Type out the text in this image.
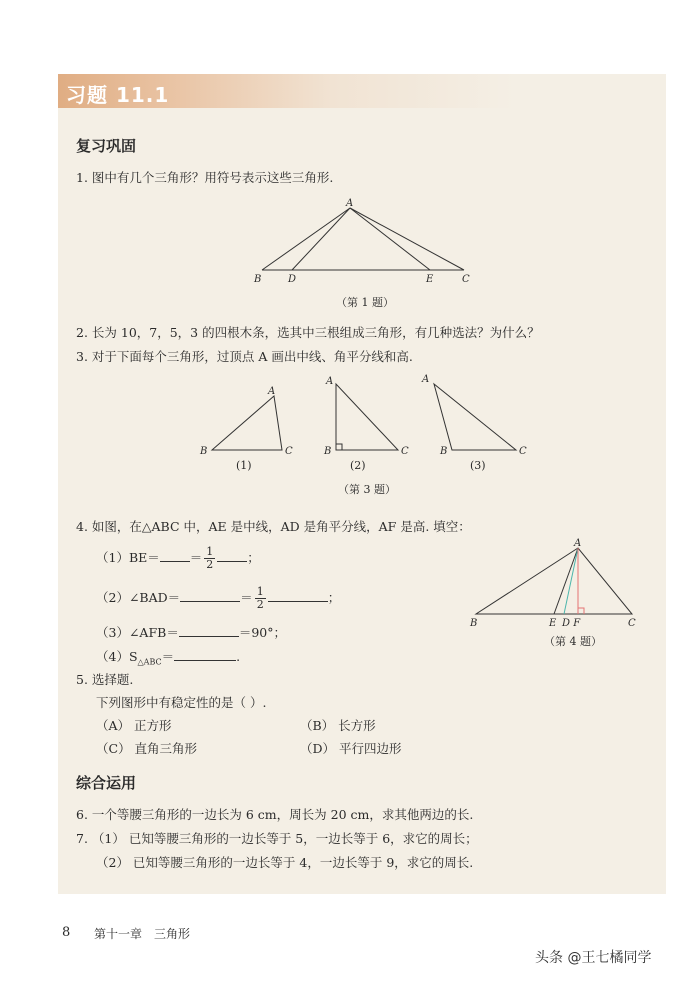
习题 11.1
复习巩固
1. 图中有几个三角形？用符号表示这些三角形.
A
B	D	E	C
（第 1 题）
2. 长为 10，7，5，3 的四根木条，选其中三根组成三角形，有几种选法？为什么？
3. 对于下面每个三角形，过顶点 A 画出中线、角平分线和高.
A
B	C
(1)
A
B	C
(2)
A
B	C
(3)
（第 3 题）
4. 如图，在△ABC 中，AE 是中线，AD 是角平分线，AF 是高. 填空：
$(1)BE= = \frac{1}{2}$	；
（2）∠BAD＝	＝ $\frac{1}{2}$	；
（3）∠AFB＝	＝90°；
$(4)S_{\triangle ABC}=$	.
A
B	E D F	C
（第 4 题）
5. 选择题.
下列图形中有稳定性的是（ ）.
（A） 正方形	（B） 长方形
（C） 直角三角形	（D） 平行四边形
综合运用
6. 一个等腰三角形的一边长为 6 cm，周长为 20 cm，求其他两边的长.
7. （1） 已知等腰三角形的一边长等于 5，一边长等于 6，求它的周长；
（2） 已知等腰三角形的一边长等于 4，一边长等于 9，求它的周长.
8 第十一章　三角形
头条 @王七橘同学
